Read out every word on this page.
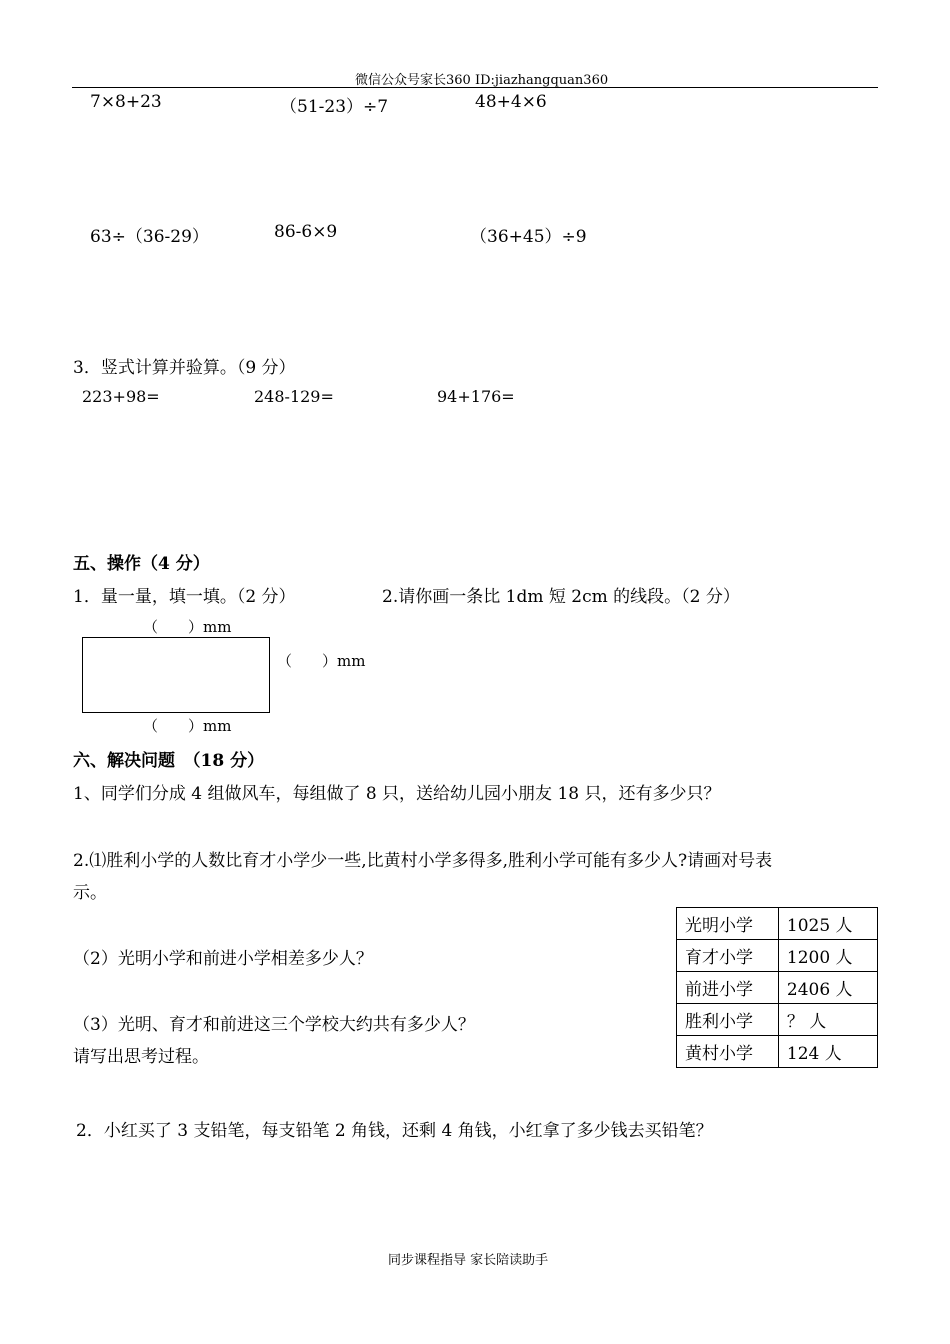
微信公众号家长360 ID:jiazhangquan360
7×8+23	（51-23）÷7	48+4×6
63÷（36-29）	86-6×9	（36+45）÷9
3．竖式计算并验算。（9 分）
223+98=	248-129=	94+176=
五、操作（4 分）
1．量一量，填一填。（2 分）	2.请你画一条比 1dm 短 2cm 的线段。（2 分）
（　　）mm
（　　）mm
（　　）mm
六、解决问题　（18 分）
1、同学们分成 4 组做风车，每组做了 8 只，送给幼儿园小朋友 18 只，还有多少只？
2.⑴胜利小学的人数比育才小学少一些,比黄村小学多得多,胜利小学可能有多少人?请画对号表
示。
（2）光明小学和前进小学相差多少人？
（3）光明、育才和前进这三个学校大约共有多少人？
请写出思考过程。
光明小学	1025 人
育才小学	1200 人
前进小学	2406 人
胜利小学	？ 人
黄村小学	124 人
2．小红买了 3 支铅笔，每支铅笔 2 角钱，还剩 4 角钱，小红拿了多少钱去买铅笔？
同步课程指导 家长陪读助手
